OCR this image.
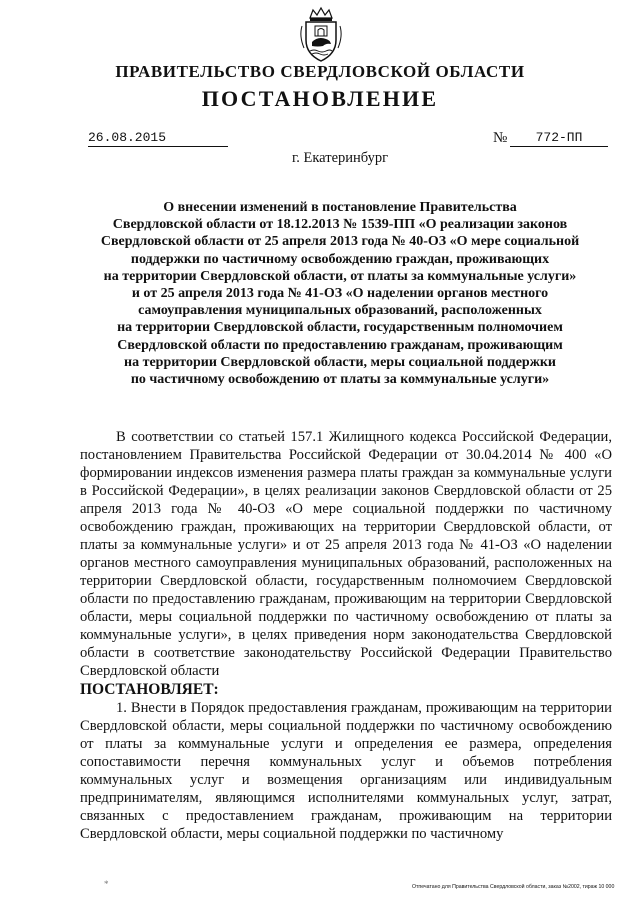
ПРАВИТЕЛЬСТВО СВЕРДЛОВСКОЙ ОБЛАСТИ
ПОСТАНОВЛЕНИЕ
26.08.2015	№	772-ПП
г. Екатеринбург
О внесении изменений в постановление Правительства
Свердловской области от 18.12.2013 № 1539-ПП «О реализации законов
Свердловской области от 25 апреля 2013 года № 40-ОЗ «О мере социальной
поддержки по частичному освобождению граждан, проживающих
на территории Свердловской области, от платы за коммунальные услуги»
и от 25 апреля 2013 года № 41-ОЗ «О наделении органов местного
самоуправления муниципальных образований, расположенных
на территории Свердловской области, государственным полномочием
Свердловской области по предоставлению гражданам, проживающим
на территории Свердловской области, меры социальной поддержки
по частичному освобождению от платы за коммунальные услуги»

В соответствии со статьей 157.1 Жилищного кодекса Российской Федерации, постановлением Правительства Российской Федерации от 30.04.2014 № 400 «О формировании индексов изменения размера платы граждан за коммунальные услуги в Российской Федерации», в целях реализации законов Свердловской области от 25 апреля 2013 года № 40-ОЗ «О мере социальной поддержки по частичному освобождению граждан, проживающих на территории Свердловской области, от платы за коммунальные услуги» и от 25 апреля 2013 года № 41-ОЗ «О наделении органов местного самоуправления муниципальных образований, расположенных на территории Свердловской области, государственным полномочием Свердловской области по предоставлению гражданам, проживающим на территории Свердловской области, меры социальной поддержки по частичному освобождению от платы за коммунальные услуги», в целях приведения норм законодательства Свердловской области в соответствие законодательству Российской Федерации Правительство Свердловской области

ПОСТАНОВЛЯЕТ:

1. Внести в Порядок предоставления гражданам, проживающим на территории Свердловской области, меры социальной поддержки по частичному освобождению от платы за коммунальные услуги и определения ее размера, определения сопоставимости перечня коммунальных услуг и объемов потребления коммунальных услуг и возмещения организациям или индивидуальным предпринимателям, являющимся исполнителями коммунальных услуг, затрат, связанных с предоставлением гражданам, проживающим на территории Свердловской области, меры социальной поддержки по частичному

*	Отпечатано для Правительства Свердловской области, заказ №2002, тираж 10 000
